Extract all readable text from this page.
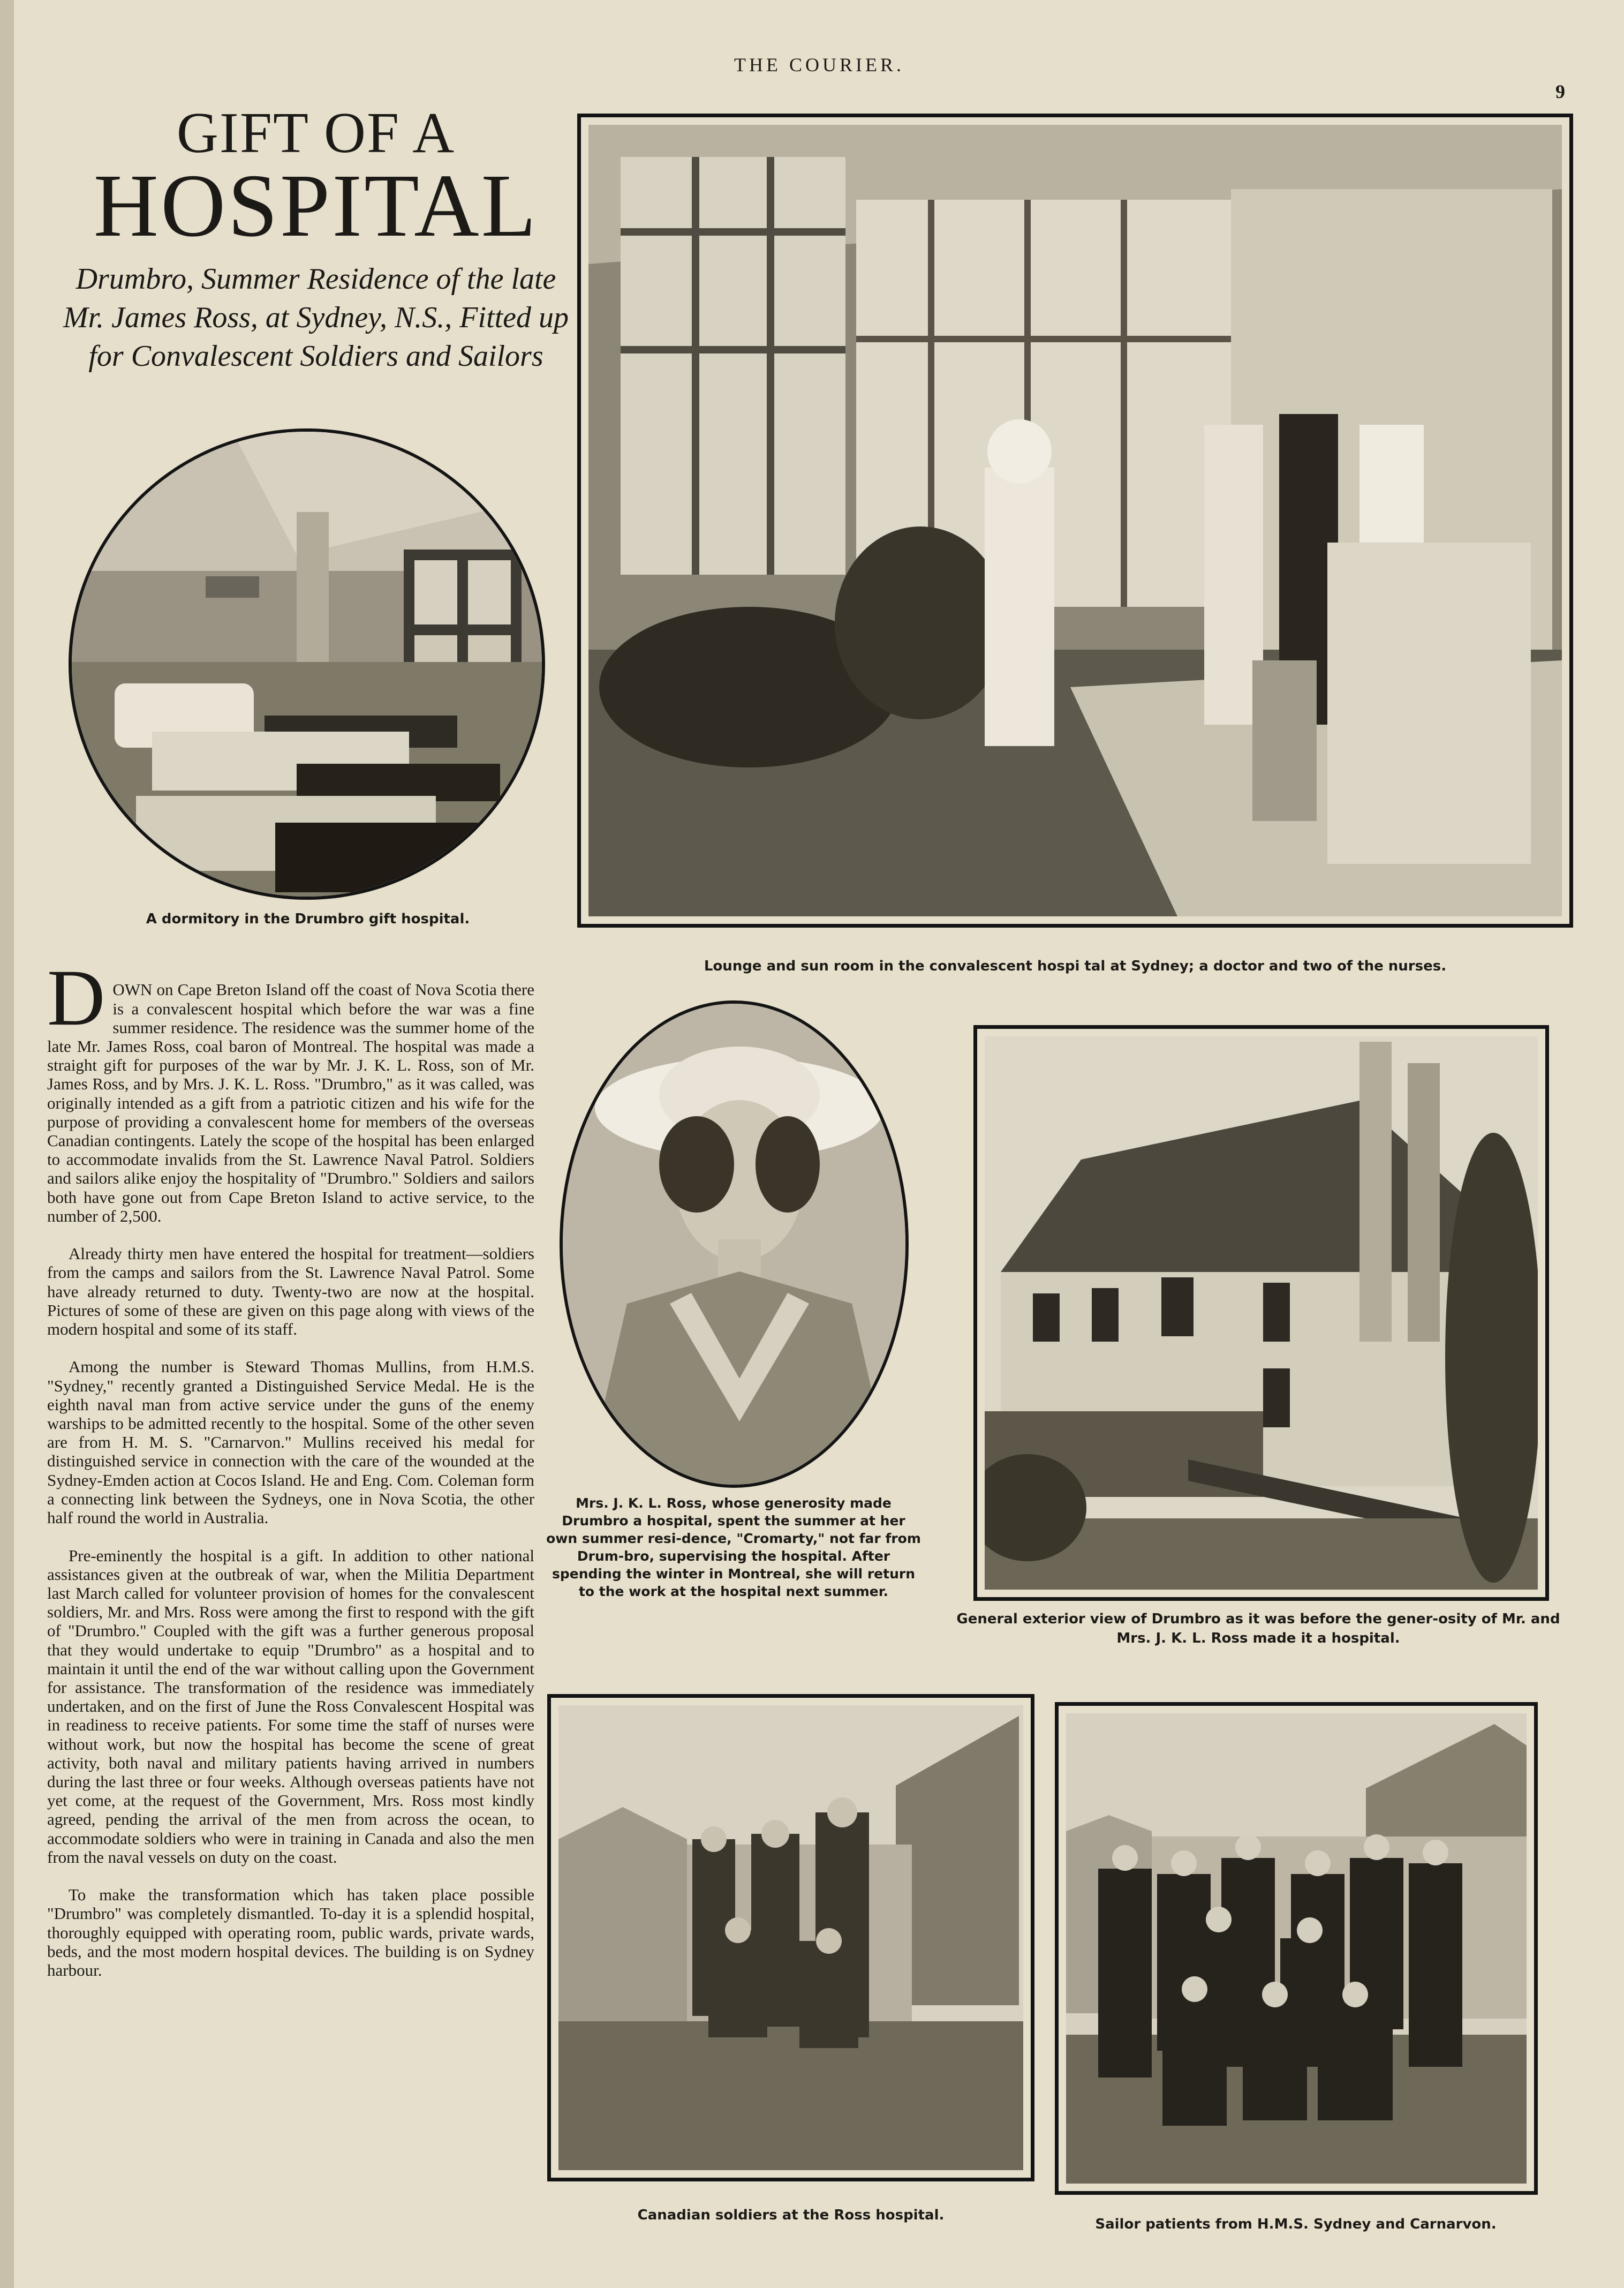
THE COURIER.
9
GIFT OF A
HOSPITAL
Drumbro, Summer Residence of the late Mr. James Ross, at Sydney, N.S., Fitted up for Convalescent Soldiers and Sailors
A dormitory in the Drumbro gift hospital.
Lounge and sun room in the convalescent hospi tal at Sydney; a doctor and two of the nurses.
Mrs. J. K. L. Ross, whose generosity made Drumbro a hospital, spent the summer at her own summer resi-dence, "Cromarty," not far from Drum-bro, supervising the hospital. After spending the winter in Montreal, she will return to the work at the hospital next summer.
General exterior view of Drumbro as it was before the gener-osity of Mr. and Mrs. J. K. L. Ross made it a hospital.
Canadian soldiers at the Ross hospital.
Sailor patients from H.M.S. Sydney and Carnarvon.

D OWN on Cape Breton Island off the coast of Nova Scotia there is a convalescent hospital which before the war was a fine summer residence. The residence was the summer home of the late Mr. James Ross, coal baron of Montreal. The hospital was made a straight gift for purposes of the war by Mr. J. K. L. Ross, son of Mr. James Ross, and by Mrs. J. K. L. Ross. "Drumbro," as it was called, was originally intended as a gift from a patriotic citizen and his wife for the purpose of providing a convalescent home for members of the overseas Canadian contingents. Lately the scope of the hospital has been enlarged to accommodate invalids from the St. Lawrence Naval Patrol. Soldiers and sailors alike enjoy the hospitality of "Drumbro." Soldiers and sailors both have gone out from Cape Breton Island to active service, to the number of 2,500.

Already thirty men have entered the hospital for treatment—soldiers from the camps and sailors from the St. Lawrence Naval Patrol. Some have already returned to duty. Twenty-two are now at the hospital. Pictures of some of these are given on this page along with views of the modern hospital and some of its staff.

Among the number is Steward Thomas Mullins, from H.M.S. "Sydney," recently granted a Distinguished Service Medal. He is the eighth naval man from active service under the guns of the enemy warships to be admitted recently to the hospital. Some of the other seven are from H. M. S. "Carnarvon." Mullins received his medal for distinguished service in connection with the care of the wounded at the Sydney-Emden action at Cocos Island. He and Eng. Com. Coleman form a connecting link between the Sydneys, one in Nova Scotia, the other half round the world in Australia.

Pre-eminently the hospital is a gift. In addition to other national assistances given at the outbreak of war, when the Militia Department last March called for volunteer provision of homes for the convalescent soldiers, Mr. and Mrs. Ross were among the first to respond with the gift of "Drumbro." Coupled with the gift was a further generous proposal that they would undertake to equip "Drumbro" as a hospital and to maintain it until the end of the war without calling upon the Government for assistance. The transformation of the residence was immediately undertaken, and on the first of June the Ross Convalescent Hospital was in readiness to receive patients. For some time the staff of nurses were without work, but now the hospital has become the scene of great activity, both naval and military patients having arrived in numbers during the last three or four weeks. Although overseas patients have not yet come, at the request of the Government, Mrs. Ross most kindly agreed, pending the arrival of the men from across the ocean, to accommodate soldiers who were in training in Canada and also the men from the naval vessels on duty on the coast.

To make the transformation which has taken place possible "Drumbro" was completely dismantled. To-day it is a splendid hospital, thoroughly equipped with operating room, public wards, private wards, beds, and the most modern hospital devices. The building is on Sydney harbour.
